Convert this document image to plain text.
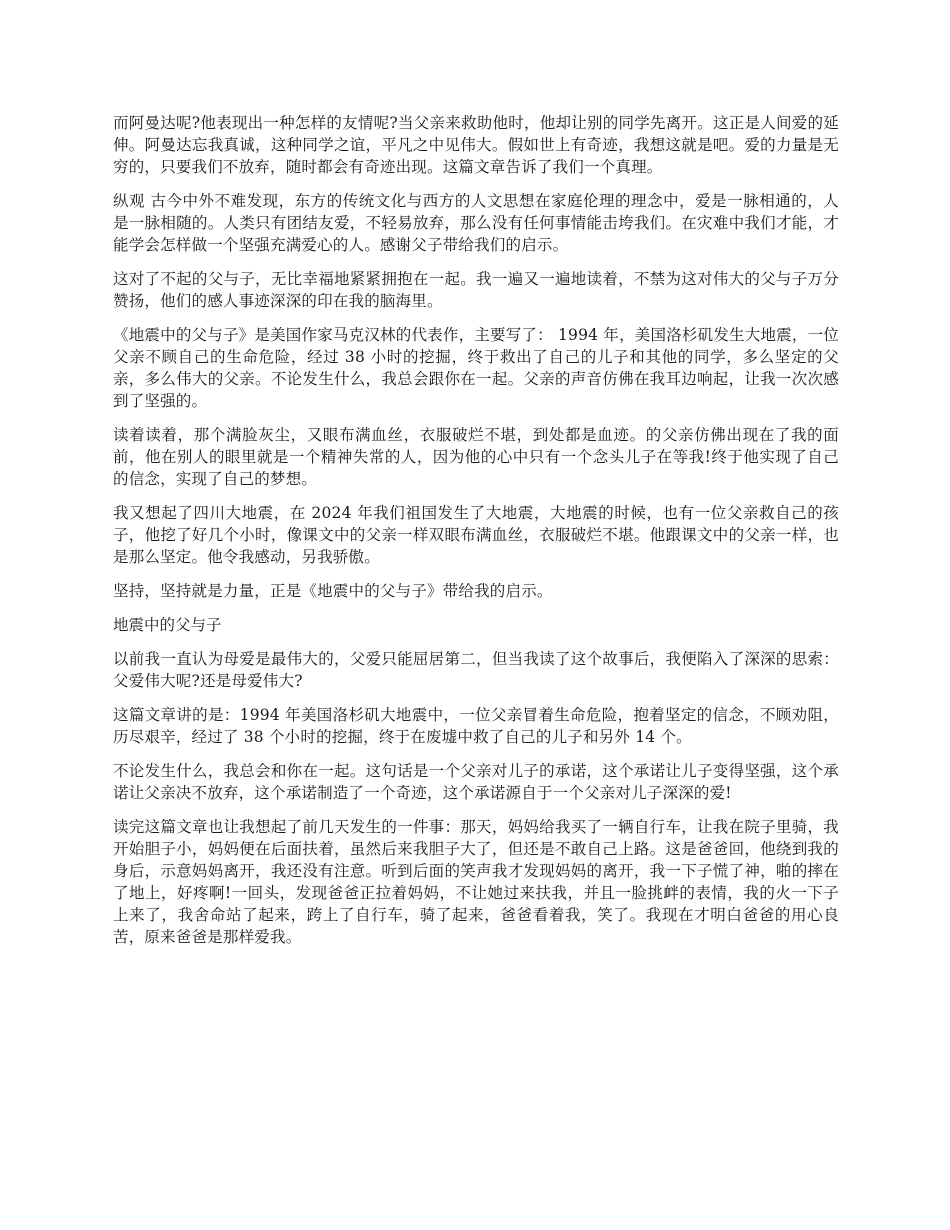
而阿曼达呢?他表现出一种怎样的友情呢?当父亲来救助他时，他却让别的同学先离开。这正是人间爱的延伸。阿曼达忘我真诚，这种同学之谊，平凡之中见伟大。假如世上有奇迹，我想这就是吧。爱的力量是无穷的，只要我们不放弃，随时都会有奇迹出现。这篇文章告诉了我们一个真理。

纵观 古今中外不难发现，东方的传统文化与西方的人文思想在家庭伦理的理念中，爱是一脉相通的，人是一脉相随的。人类只有团结友爱，不轻易放弃，那么没有任何事情能击垮我们。在灾难中我们才能，才能学会怎样做一个坚强充满爱心的人。感谢父子带给我们的启示。

这对了不起的父与子，无比幸福地紧紧拥抱在一起。我一遍又一遍地读着，不禁为这对伟大的父与子万分赞扬，他们的感人事迹深深的印在我的脑海里。

《地震中的父与子》是美国作家马克汉林的代表作，主要写了： 1994 年，美国洛杉矶发生大地震，一位父亲不顾自己的生命危险，经过 38 小时的挖掘，终于救出了自己的儿子和其他的同学，多么坚定的父亲，多么伟大的父亲。不论发生什么，我总会跟你在一起。父亲的声音仿佛在我耳边响起，让我一次次感到了坚强的。

读着读着，那个满脸灰尘，又眼布满血丝，衣服破烂不堪，到处都是血迹。的父亲仿佛出现在了我的面前，他在别人的眼里就是一个精神失常的人，因为他的心中只有一个念头儿子在等我!终于他实现了自己的信念，实现了自己的梦想。

我又想起了四川大地震，在 2024 年我们祖国发生了大地震，大地震的时候，也有一位父亲救自己的孩子，他挖了好几个小时，像课文中的父亲一样双眼布满血丝，衣服破烂不堪。他跟课文中的父亲一样，也是那么坚定。他令我感动，另我骄傲。

坚持，坚持就是力量，正是《地震中的父与子》带给我的启示。

地震中的父与子

以前我一直认为母爱是最伟大的，父爱只能屈居第二，但当我读了这个故事后，我便陷入了深深的思索：父爱伟大呢?还是母爱伟大?

这篇文章讲的是：1994 年美国洛杉矶大地震中，一位父亲冒着生命危险，抱着坚定的信念，不顾劝阻，历尽艰辛，经过了 38 个小时的挖掘，终于在废墟中救了自己的儿子和另外 14 个。

不论发生什么，我总会和你在一起。这句话是一个父亲对儿子的承诺，这个承诺让儿子变得坚强，这个承诺让父亲决不放弃，这个承诺制造了一个奇迹，这个承诺源自于一个父亲对儿子深深的爱!

读完这篇文章也让我想起了前几天发生的一件事：那天，妈妈给我买了一辆自行车，让我在院子里骑，我开始胆子小，妈妈便在后面扶着，虽然后来我胆子大了，但还是不敢自己上路。这是爸爸回，他绕到我的身后，示意妈妈离开，我还没有注意。听到后面的笑声我才发现妈妈的离开，我一下子慌了神，啪的摔在了地上，好疼啊!一回头，发现爸爸正拉着妈妈，不让她过来扶我，并且一脸挑衅的表情，我的火一下子上来了，我舍命站了起来，跨上了自行车，骑了起来，爸爸看着我，笑了。我现在才明白爸爸的用心良苦，原来爸爸是那样爱我。
